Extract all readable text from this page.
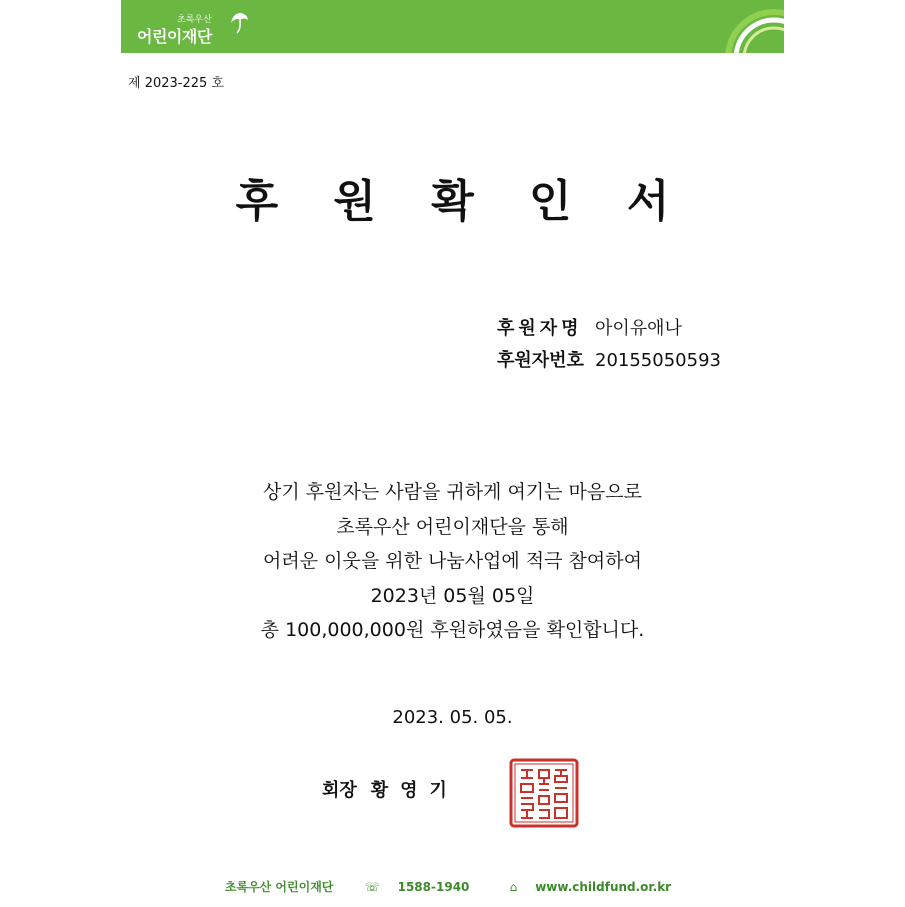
초록우산
어린이재단
제 2023-225 호
후 원 확 인 서
후원자명 아이유애나
후원자번호 20155050593
상기 후원자는 사람을 귀하게 여기는 마음으로
초록우산 어린이재단을 통해
어려운 이웃을 위한 나눔사업에 적극 참여하여
2023년 05월 05일
총 100,000,000원 후원하였음을 확인합니다.
2023. 05. 05.
회장 황영기
초록우산 어린이재단	☏ 1588-1940	⌂ www.childfund.or.kr
